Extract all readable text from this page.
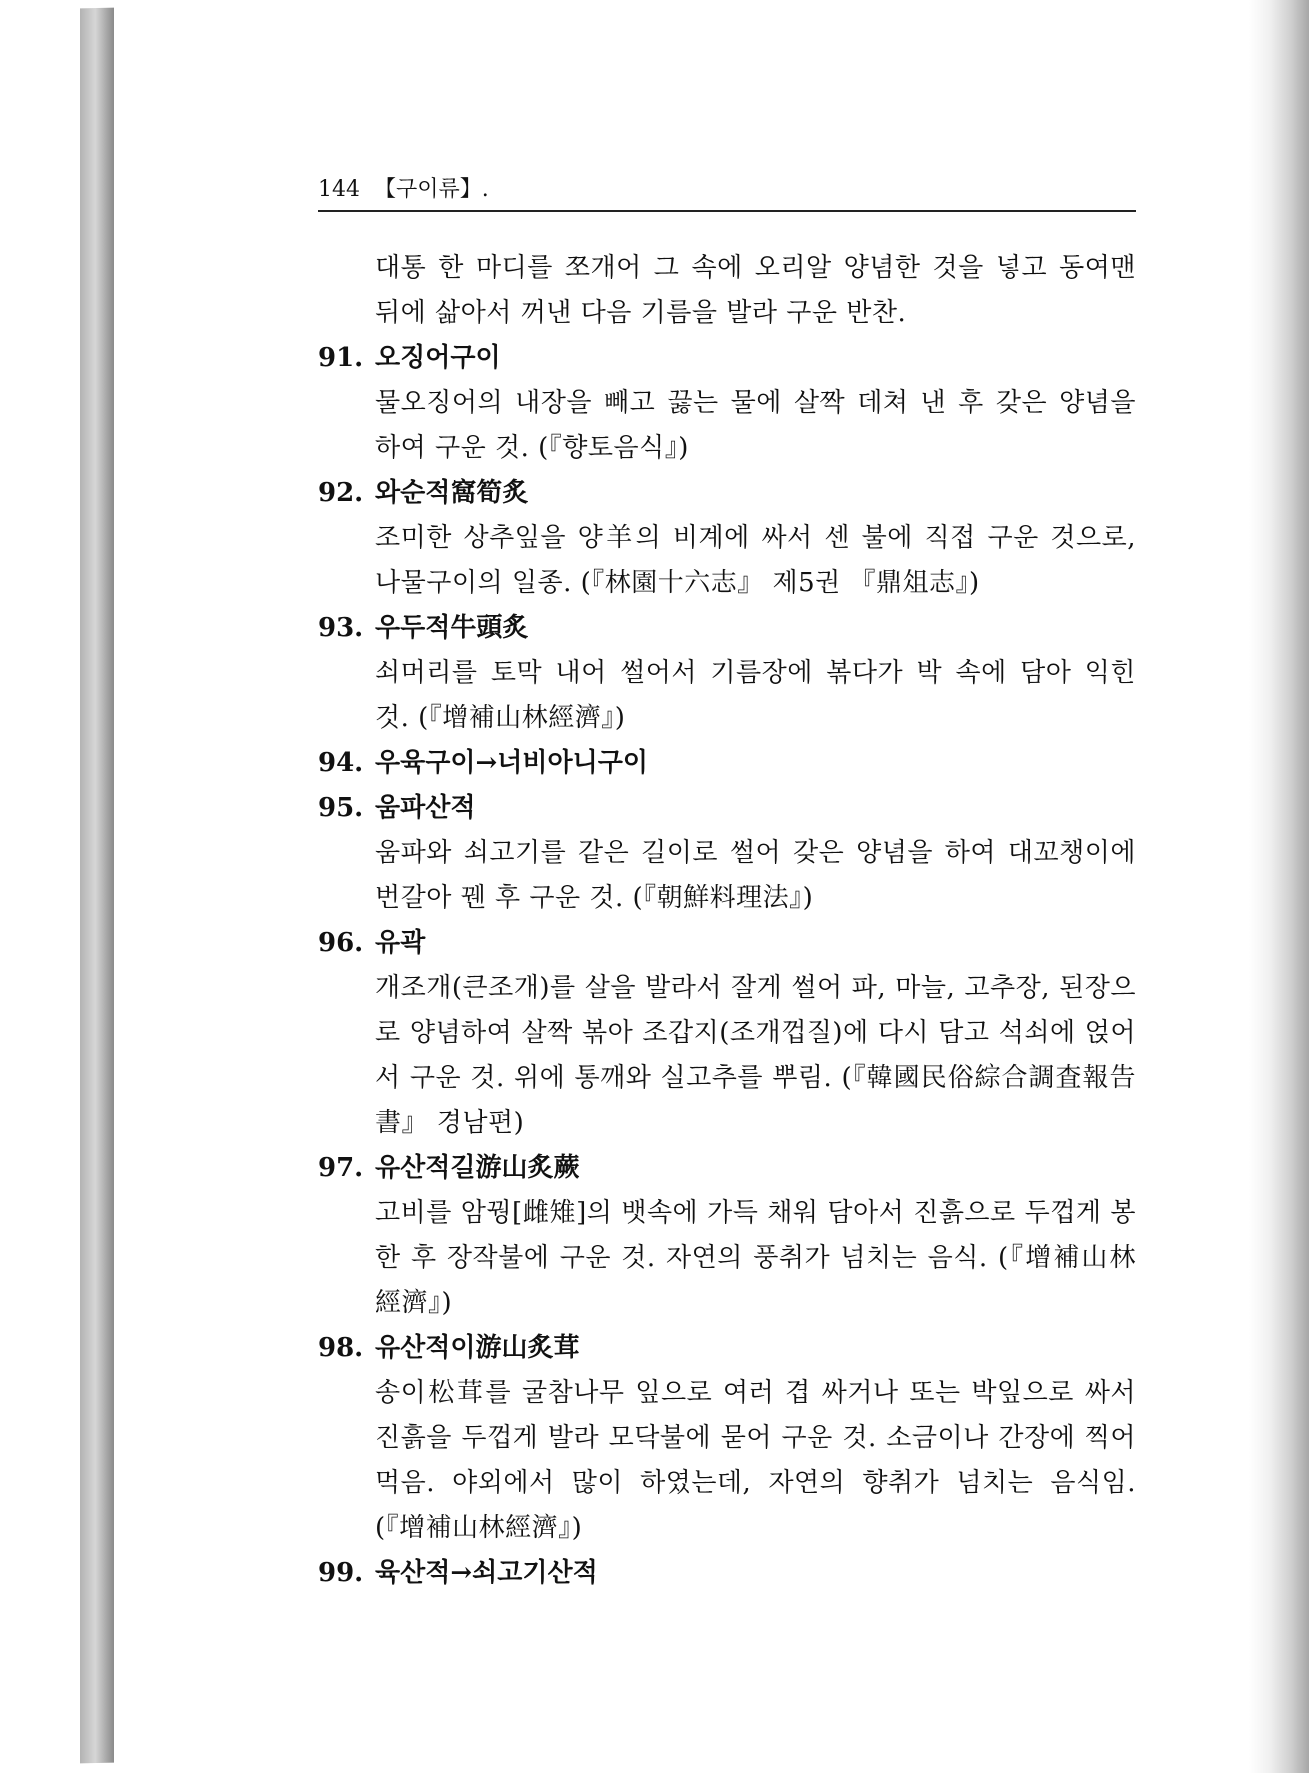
144 【구이류】.

대통 한 마디를 쪼개어 그 속에 오리알 양념한 것을 넣고 동여맨 뒤에 삶아서 꺼낸 다음 기름을 발라 구운 반찬.

91. 오징어구이

물오징어의 내장을 빼고 끓는 물에 살짝 데쳐 낸 후 갖은 양념을 하여 구운 것. (『향토음식』)

92. 와순적窩筍炙

조미한 상추잎을 양羊의 비계에 싸서 센 불에 직접 구운 것으로, 나물구이의 일종. (『林園十六志』 제5권 『鼎俎志』)

93. 우두적牛頭炙

쇠머리를 토막 내어 썰어서 기름장에 볶다가 박 속에 담아 익힌 것. (『增補山林經濟』)

94. 우육구이→너비아니구이
95. 움파산적

움파와 쇠고기를 같은 길이로 썰어 갖은 양념을 하여 대꼬챙이에 번갈아 꿴 후 구운 것. (『朝鮮料理法』)

96. 유곽

개조개(큰조개)를 살을 발라서 잘게 썰어 파, 마늘, 고추장, 된장으로 양념하여 살짝 볶아 조갑지(조개껍질)에 다시 담고 석쇠에 얹어서 구운 것. 위에 통깨와 실고추를 뿌림. (『韓國民俗綜合調査報告書』 경남편)

97. 유산적길游山炙蕨

고비를 암꿩[雌雉]의 뱃속에 가득 채워 담아서 진흙으로 두껍게 봉한 후 장작불에 구운 것. 자연의 풍취가 넘치는 음식. (『增補山林經濟』)

98. 유산적이游山炙茸

송이松茸를 굴참나무 잎으로 여러 겹 싸거나 또는 박잎으로 싸서 진흙을 두껍게 발라 모닥불에 묻어 구운 것. 소금이나 간장에 찍어 먹음. 야외에서 많이 하였는데, 자연의 향취가 넘치는 음식임. (『增補山林經濟』)

99. 육산적→쇠고기산적
